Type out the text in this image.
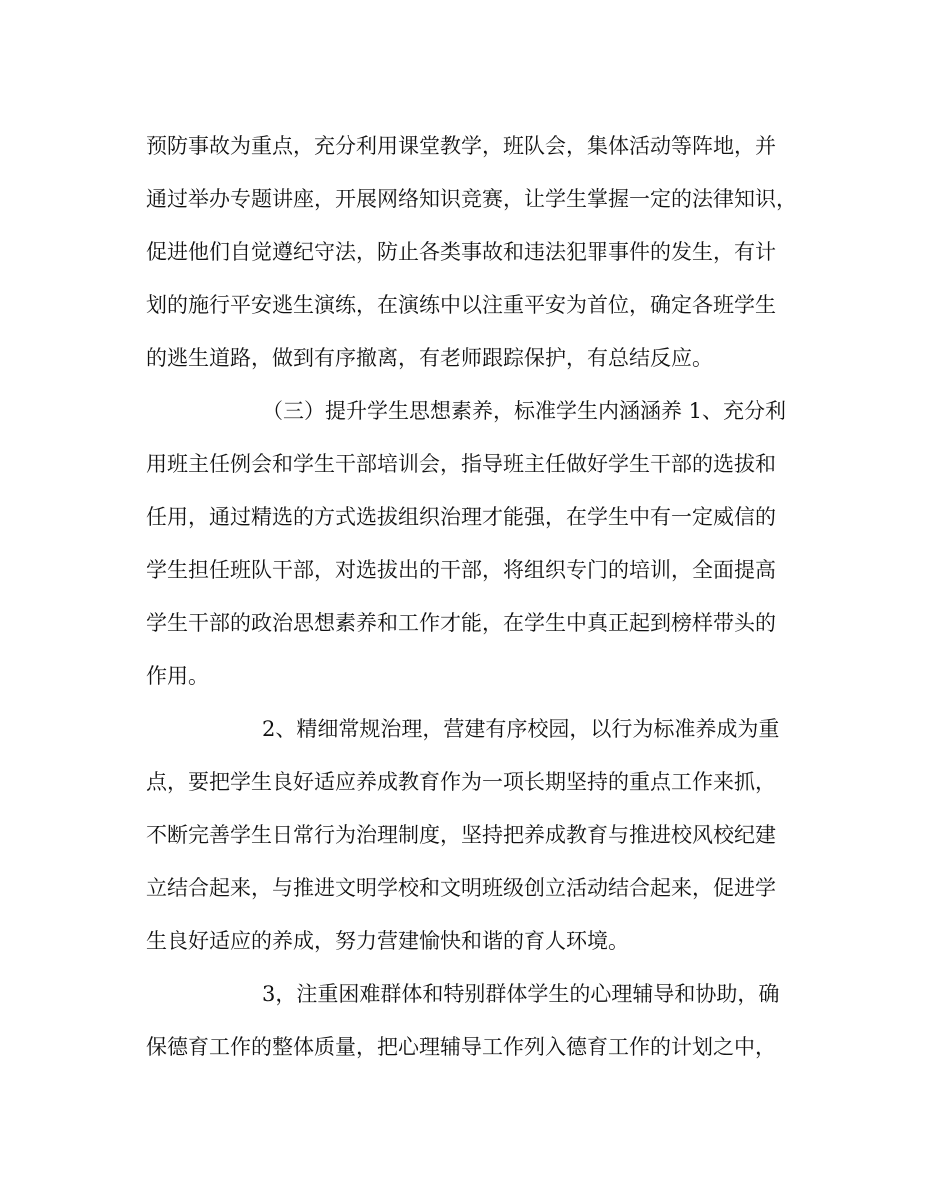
预防事故为重点，充分利用课堂教学，班队会，集体活动等阵地，并
通过举办专题讲座，开展网络知识竞赛，让学生掌握一定的法律知识，
促进他们自觉遵纪守法，防止各类事故和违法犯罪事件的发生，有计
划的施行平安逃生演练，在演练中以注重平安为首位，确定各班学生
的逃生道路，做到有序撤离，有老师跟踪保护，有总结反应。
（三）提升学生思想素养，标准学生内涵涵养 1、充分利
用班主任例会和学生干部培训会，指导班主任做好学生干部的选拔和
任用，通过精选的方式选拔组织治理才能强，在学生中有一定威信的
学生担任班队干部，对选拔出的干部，将组织专门的培训，全面提高
学生干部的政治思想素养和工作才能，在学生中真正起到榜样带头的
作用。
2、精细常规治理，营建有序校园，以行为标准养成为重
点，要把学生良好适应养成教育作为一项长期坚持的重点工作来抓，
不断完善学生日常行为治理制度，坚持把养成教育与推进校风校纪建
立结合起来，与推进文明学校和文明班级创立活动结合起来，促进学
生良好适应的养成，努力营建愉快和谐的育人环境。
3，注重困难群体和特别群体学生的心理辅导和协助，确
保德育工作的整体质量，把心理辅导工作列入德育工作的计划之中，
